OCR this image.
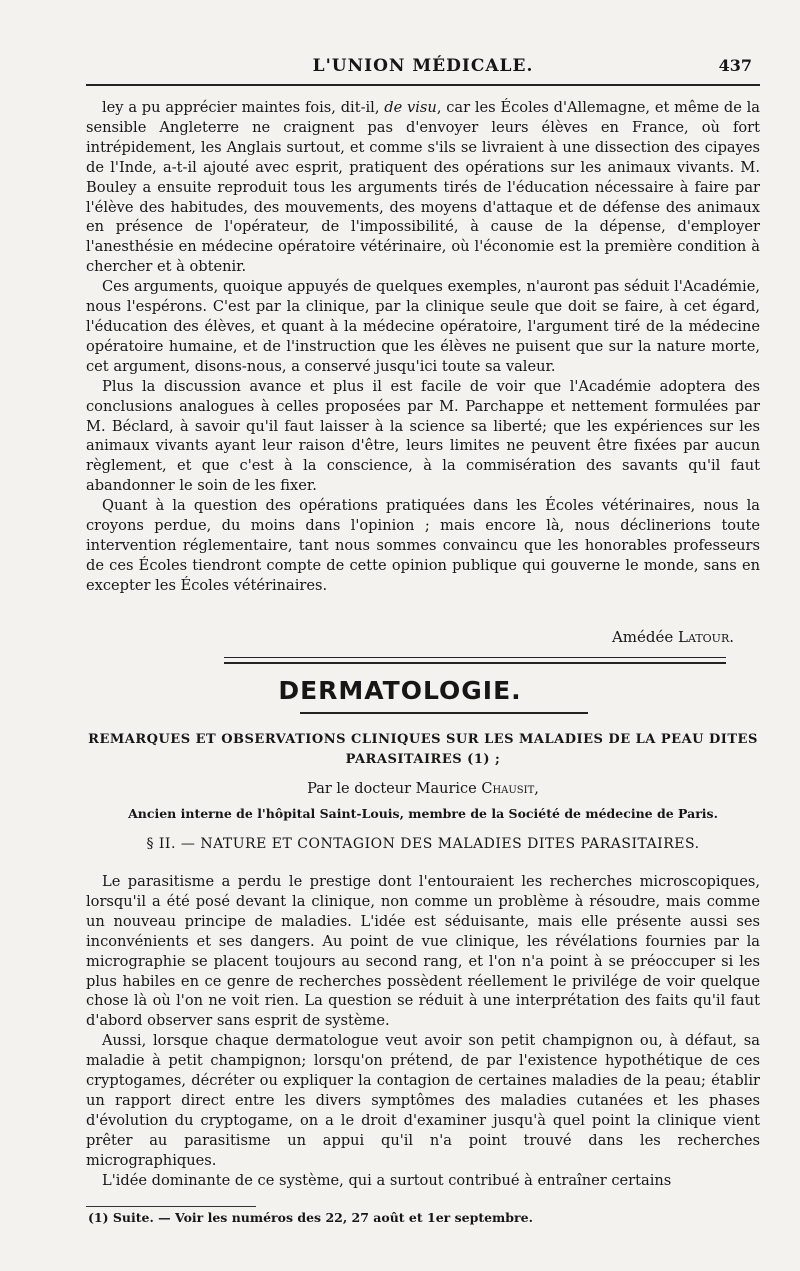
L'UNION MÉDICALE.	437

ley a pu apprécier maintes fois, dit-il, de visu, car les Écoles d'Allemagne, et même de la sensible Angleterre ne craignent pas d'envoyer leurs élèves en France, où fort intrépidement, les Anglais surtout, et comme s'ils se livraient à une dissection des cipayes de l'Inde, a-t-il ajouté avec esprit, pratiquent des opérations sur les animaux vivants. M. Bouley a ensuite reproduit tous les arguments tirés de l'éducation nécessaire à faire par l'élève des habitudes, des mouvements, des moyens d'attaque et de défense des animaux en présence de l'opérateur, de l'impossibilité, à cause de la dépense, d'employer l'anesthésie en médecine opératoire vétérinaire, où l'économie est la première condition à chercher et à obtenir.

Ces arguments, quoique appuyés de quelques exemples, n'auront pas séduit l'Académie, nous l'espérons. C'est par la clinique, par la clinique seule que doit se faire, à cet égard, l'éducation des élèves, et quant à la médecine opératoire, l'argument tiré de la médecine opératoire humaine, et de l'instruction que les élèves ne puisent que sur la nature morte, cet argument, disons-nous, a conservé jusqu'ici toute sa valeur.

Plus la discussion avance et plus il est facile de voir que l'Académie adoptera des conclusions analogues à celles proposées par M. Parchappe et nettement formulées par M. Béclard, à savoir qu'il faut laisser à la science sa liberté; que les expériences sur les animaux vivants ayant leur raison d'être, leurs limites ne peuvent être fixées par aucun règlement, et que c'est à la conscience, à la commisération des savants qu'il faut abandonner le soin de les fixer.

Quant à la question des opérations pratiquées dans les Écoles vétérinaires, nous la croyons perdue, du moins dans l'opinion ; mais encore là, nous déclinerions toute intervention réglementaire, tant nous sommes convaincu que les honorables professeurs de ces Écoles tiendront compte de cette opinion publique qui gouverne le monde, sans en excepter les Écoles vétérinaires.

Amédée Latour.
DERMATOLOGIE.
REMARQUES ET OBSERVATIONS CLINIQUES SUR LES MALADIES DE LA PEAU DITES PARASITAIRES (1) ;
Par le docteur Maurice Chausit,
Ancien interne de l'hôpital Saint-Louis, membre de la Société de médecine de Paris.
§ II. — NATURE ET CONTAGION DES MALADIES DITES PARASITAIRES.

Le parasitisme a perdu le prestige dont l'entouraient les recherches microscopiques, lorsqu'il a été posé devant la clinique, non comme un problème à résoudre, mais comme un nouveau principe de maladies. L'idée est séduisante, mais elle présente aussi ses inconvénients et ses dangers. Au point de vue clinique, les révélations fournies par la micrographie se placent toujours au second rang, et l'on n'a point à se préoccuper si les plus habiles en ce genre de recherches possèdent réellement le privilége de voir quelque chose là où l'on ne voit rien. La question se réduit à une interprétation des faits qu'il faut d'abord observer sans esprit de système.

Aussi, lorsque chaque dermatologue veut avoir son petit champignon ou, à défaut, sa maladie à petit champignon; lorsqu'on prétend, de par l'existence hypothétique de ces cryptogames, décréter ou expliquer la contagion de certaines maladies de la peau; établir un rapport direct entre les divers symptômes des maladies cutanées et les phases d'évolution du cryptogame, on a le droit d'examiner jusqu'à quel point la clinique vient prêter au parasitisme un appui qu'il n'a point trouvé dans les recherches micrographiques.

L'idée dominante de ce système, qui a surtout contribué à entraîner certains

(1) Suite. — Voir les numéros des 22, 27 août et 1er septembre.
